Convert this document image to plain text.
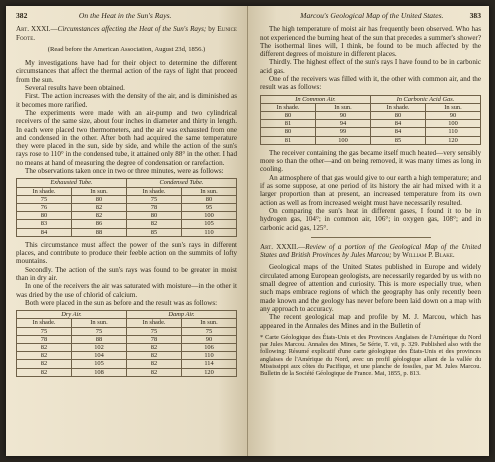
382	On the Heat in the Sun's Rays.

Art. XXXI.—Circumstances affecting the Heat of the Sun's Rays; by Eunice Foote.

(Read before the American Association, August 23d, 1856.)

My investigations have had for their object to determine the different circumstances that affect the thermal action of the rays of light that proceed from the sun.

Several results have been obtained.

First. The action increases with the density of the air, and is diminished as it becomes more rarified.

The experiments were made with an air-pump and two cylindrical receivers of the same size, about four inches in diameter and thirty in length. In each were placed two thermometers, and the air was exhausted from one and condensed in the other. After both had acquired the same temperature they were placed in the sun, side by side, and while the action of the sun's rays rose to 110° in the condensed tube, it attained only 88° in the other. I had no means at hand of measuring the degree of condensation or rarefaction.

The observations taken once in two or three minutes, were as follows:

Exhausted Tube.		Condensed Tube.	
In shade.	In sun.	In shade.	In sun.
75	80	75	80
76	82	78	95
80	82	80	100
83	86	82	105
84	88	85	110

This circumstance must affect the power of the sun's rays in different places, and contribute to produce their feeble action on the summits of lofty mountains.

Secondly. The action of the sun's rays was found to be greater in moist than in dry air.

In one of the receivers the air was saturated with moisture—in the other it was dried by the use of chlorid of calcium.

Both were placed in the sun as before and the result was as follows:

Dry Air.		Damp Air.	
In shade.	In sun.	In shade.	In sun.
75	75	75	75
78	88	78	90
82	102	82	106
82	104	82	110
82	105	82	114
82	108	82	120
Marcou's Geological Map of the United States.	383

The high temperature of moist air has frequently been observed. Who has not experienced the burning heat of the sun that precedes a summer's shower? The isothermal lines will, I think, be found to be much affected by the different degrees of moisture in different places.

Thirdly. The highest effect of the sun's rays I have found to be in carbonic acid gas.

One of the receivers was filled with it, the other with common air, and the result was as follows:

In Common Air.		In Carbonic Acid Gas.	
In shade.	In sun.	In shade.	In sun.
80	90	80	90
81	94	84	100
80	99	84	110
81	100	85	120

The receiver containing the gas became itself much heated—very sensibly more so than the other—and on being removed, it was many times as long in cooling.

An atmosphere of that gas would give to our earth a high temperature; and if as some suppose, at one period of its history the air had mixed with it a larger proportion than at present, an increased temperature from its own action as well as from increased weight must have necessarily resulted.

On comparing the sun's heat in different gases, I found it to be in hydrogen gas, 104°; in common air, 106°; in oxygen gas, 108°; and in carbonic acid gas, 125°.

Art. XXXII.—Review of a portion of the Geological Map of the United States and British Provinces by Jules Marcou; by William P. Blake.

Geological maps of the United States published in Europe and widely circulated among European geologists, are necessarily regarded by us with no small degree of attention and curiosity. This is more especially true, when such maps embrace regions of which the geography has only recently been made known and the geology has never before been laid down on a map with any approach to accuracy.

The recent geological map and profile by M. J. Marcou, which has appeared in the Annales des Mines and in the Bulletin of

* Carte Géologique des États-Unis et des Provinces Anglaises de l'Amérique du Nord par Jules Marcou. Annales des Mines, 5e Série, T. vii, p. 329. Published also with the following: Résumé explicatif d'une carte géologique des États-Unis et des provinces anglaises de l'Amérique du Nord, avec un profil géologique allant de la vallée du Mississippi aux côtes du Pacifique, et une planche de fossiles, par M. Jules Marcou. Bulletin de la Société Géologique de France. Mai, 1855, p. 813.
